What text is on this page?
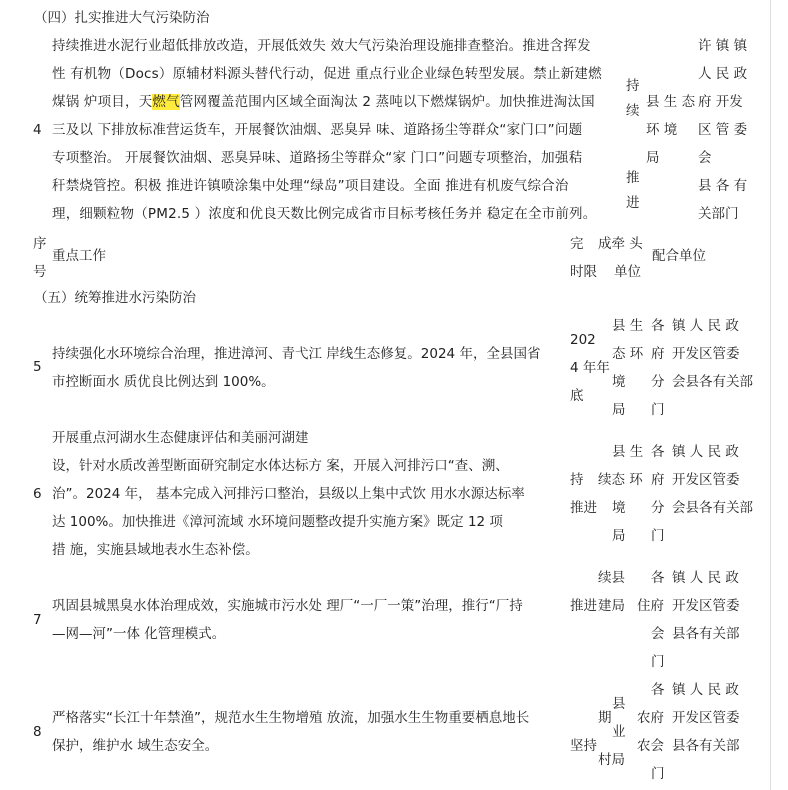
（四）扎实推进大气污染防治
4
持续推进水泥行业超低排放改造，开展低效失 效大气污染治理设施排查整治。推进含挥发
性 有机物（Docs）原辅材料源头替代行动，促进 重点行业企业绿色转型发展。禁止新建燃
煤锅 炉项目，天燃气管网覆盖范围内区域全面淘汰 2 蒸吨以下燃煤锅炉。加快推进淘汰国
三及以 下排放标准营运货车，开展餐饮油烟、恶臭异 味、道路扬尘等群众“家门口”问题
专项整治。 开展餐饮油烟、恶臭异味、道路扬尘等群众“家 门口”问题专项整治，加强秸
秆禁烧管控。积极 推进许镇喷涂集中处理“绿岛”项目建设。全面 推进有机废气综合治
理，细颗粒物（PM2.5 ）浓度和优良天数比例完成省市目标考核任务并 稳定在全市前列。
持
续
推
进
县 生 态
环 境
局
许 镇 镇
人 民 政
府 开发
区 管 委
会
县 各 有
关部门
序
号
重点工作
完
时限
成牵 头
单位
配合单位
（五）统筹推进水污染防治
5
持续强化水环境综合治理，推进漳河、青弋江 岸线生态修复。2024 年，全县国省
市控断面水 质优良比例达到 100%。
202
4 年年
底
县 生
态 环
境
局
各
府
分
门
镇 人 民 政
开发区管委
会县各有关部
6
开展重点河湖水生态健康评估和美丽河湖建
设，针对水质改善型断面研究制定水体达标方 案，开展入河排污口“查、溯、
治”。2024 年， 基本完成入河排污口整治，县级以上集中式饮 用水水源达标率
达 100%。加快推进《漳河流域 水环境问题整改提升实施方案》既定 12 项
措 施，实施县域地表水生态补偿。
持
推进
县 生
续态 环
境
局
各
府
分
门
镇 人 民 政
开发区管委
会县各有关部
7
巩固县城黑臭水体治理成效，实施城市污水处 理厂“一厂一策”治理，推行“厂持
—网—河”一体 化管理模式。
推进
续县
建局
各
住府
会
门
镇 人 民 政
开发区管委
县各有关部
8
严格落实“长江十年禁渔”，规范水生生物增殖 放流，加强水生生物重要栖息地长
保护，维护水 域生态安全。
期
坚持
县
业
村局
各
农府
农会
门
镇 人 民 政
开发区管委
县各有关部
